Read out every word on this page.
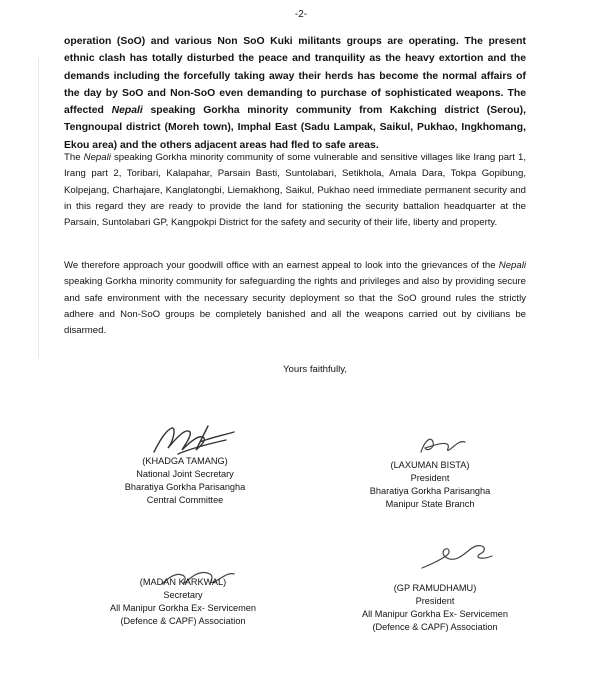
-2-
operation (SoO) and various Non SoO Kuki militants groups are operating. The present ethnic clash has totally disturbed the peace and tranquility as the heavy extortion and the demands including the forcefully taking away their herds has become the normal affairs of the day by SoO and Non-SoO even demanding to purchase of sophisticated weapons. The affected Nepali speaking Gorkha minority community from Kakching district (Serou), Tengnoupal district (Moreh town), Imphal East (Sadu Lampak, Saikul, Pukhao, Ingkhomang, Ekou area) and the others adjacent areas had fled to safe areas.
The Nepali speaking Gorkha minority community of some vulnerable and sensitive villages like Irang part 1, Irang part 2, Toribari, Kalapahar, Parsain Basti, Suntolabari, Setikhola, Amala Dara, Tokpa Gopibung, Kolpejang, Charhajare, Kanglatongbi, Liemakhong, Saikul, Pukhao need immediate permanent security and in this regard they are ready to provide the land for stationing the security battalion headquarter at the Parsain, Suntolabari GP, Kangpokpi District for the safety and security of their life, liberty and property.
We therefore approach your goodwill office with an earnest appeal to look into the grievances of the Nepali speaking Gorkha minority community for safeguarding the rights and privileges and also by providing secure and safe environment with the necessary security deployment so that the SoO ground rules the strictly adhere and Non-SoO groups be completely banished and all the weapons carried out by civilians be disarmed.
Yours faithfully,
(KHADGA TAMANG)
National Joint Secretary
Bharatiya Gorkha Parisangha
Central Committee
(LAXUMAN BISTA)
President
Bharatiya Gorkha Parisangha
Manipur State Branch
(MADAN KARKWAL)
Secretary
All Manipur Gorkha Ex- Servicemen
(Defence & CAPF) Association
(GP RAMUDHAMU)
President
All Manipur Gorkha Ex- Servicemen
(Defence & CAPF) Association
